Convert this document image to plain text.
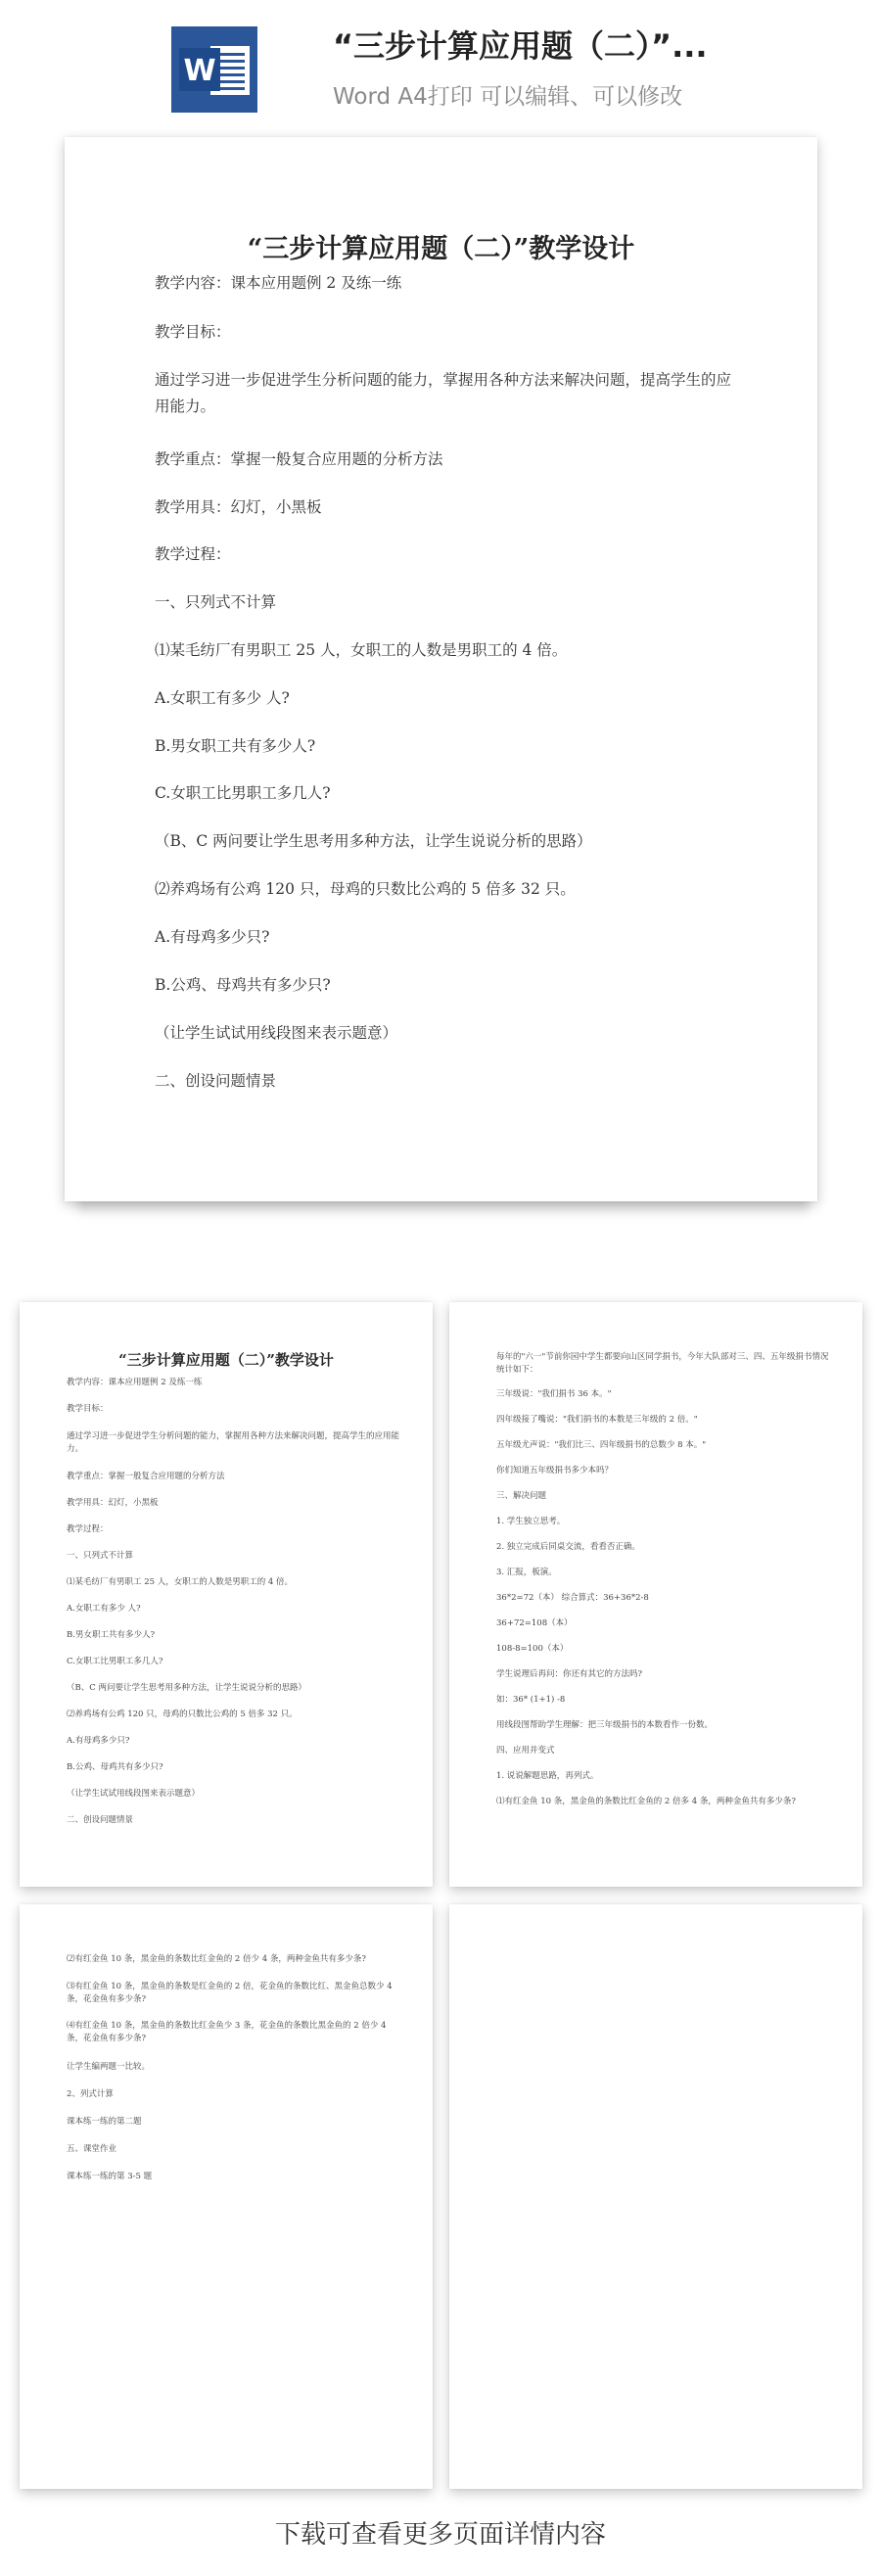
W
“三步计算应用题（二）”...
Word A4打印 可以编辑、可以修改
“三步计算应用题（二）”教学设计
教学内容：课本应用题例 2 及练一练
教学目标：
通过学习进一步促进学生分析问题的能力，掌握用各种方法来解决问题，提高学生的应用能力。
教学重点：掌握一般复合应用题的分析方法
教学用具：幻灯，小黑板
教学过程：
一、只列式不计算
⑴某毛纺厂有男职工 25 人，女职工的人数是男职工的 4 倍。
A.女职工有多少 人?
B.男女职工共有多少人?
C.女职工比男职工多几人?
（B、C 两问要让学生思考用多种方法，让学生说说分析的思路）
⑵养鸡场有公鸡 120 只，母鸡的只数比公鸡的 5 倍多 32 只。
A.有母鸡多少只?
B.公鸡、母鸡共有多少只?
（让学生试试用线段图来表示题意）
二、创设问题情景
“三步计算应用题（二）”教学设计
教学内容：课本应用题例 2 及练一练
教学目标：
通过学习进一步促进学生分析问题的能力，掌握用各种方法来解决问题，提高学生的应用能力。
教学重点：掌握一般复合应用题的分析方法
教学用具：幻灯，小黑板
教学过程：
一、只列式不计算
⑴某毛纺厂有男职工 25 人，女职工的人数是男职工的 4 倍。
A.女职工有多少 人?
B.男女职工共有多少人?
C.女职工比男职工多几人?
（B、C 两问要让学生思考用多种方法，让学生说说分析的思路）
⑵养鸡场有公鸡 120 只，母鸡的只数比公鸡的 5 倍多 32 只。
A.有母鸡多少只?
B.公鸡、母鸡共有多少只?
（让学生试试用线段图来表示题意）
二、创设问题情景
每年的"六一"节前你园中学生都要向山区同学捐书，今年大队部对三、四、五年级捐书情况统计如下：
三年级说："我们捐书 36 本。"
四年级接了嘴说："我们捐书的本数是三年级的 2 倍。"
五年级尤声说："我们比三、四年级捐书的总数少 8 本。"
你们知道五年级捐书多少本吗？
三、解决问题
1. 学生独立思考。
2. 独立完成后同桌交流，看看否正确。
3. 汇报，板演。
36*2=72（本） 综合算式：36+36*2-8
36+72=108（本）
108-8=100（本）
学生说理后再问：你还有其它的方法吗?
如：36* (1+1) -8
用线段图帮助学生理解：把三年级捐书的本数看作一份数。
四、应用并变式
1. 说说解题思路，再列式。
⑴有红金鱼 10 条，黑金鱼的条数比红金鱼的 2 倍多 4 条，两种金鱼共有多少条?
⑵有红金鱼 10 条，黑金鱼的条数比红金鱼的 2 倍少 4 条，两种金鱼共有多少条?
⑶有红金鱼 10 条，黑金鱼的条数是红金鱼的 2 倍，花金鱼的条数比红、黑金鱼总数少 4 条，花金鱼有多少条?
⑷有红金鱼 10 条，黑金鱼的条数比红金鱼少 3 条，花金鱼的条数比黑金鱼的 2 倍少 4 条，花金鱼有多少条?
让学生编两题一比较。
2、列式计算
课本练一练的第二题
五、课堂作业
课本练一练的第 3-5 题
下载可查看更多页面详情内容
